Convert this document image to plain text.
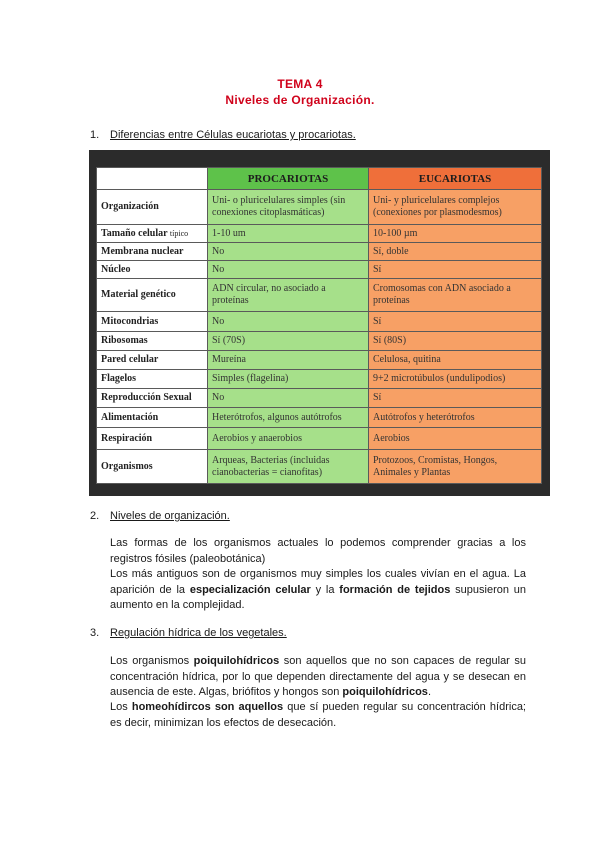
TEMA 4
Niveles de Organización.
1. Diferencias entre Células eucariotas y procariotas.
	PROCARIOTAS	EUCARIOTAS
Organización	Uni- o pluricelulares simples (sin conexiones citoplasmáticas)	Uni- y pluricelulares complejos (conexiones por plasmodesmos)
Tamaño celular típico	1-10 um	10-100 µm
Membrana nuclear	No	Sí, doble
Núcleo	No	Sí
Material genético	ADN circular, no asociado a proteínas	Cromosomas con ADN asociado a proteínas
Mitocondrias	No	Sí
Ribosomas	Sí (70S)	Sí (80S)
Pared celular	Mureína	Celulosa, quitina
Flagelos	Simples (flagelina)	9+2 microtúbulos (undulipodios)
Reproducción Sexual	No	Sí
Alimentación	Heterótrofos, algunos autótrofos	Autótrofos y heterótrofos
Respiración	Aerobios y anaerobios	Aerobios
Organismos	Arqueas, Bacterias (incluidas cianobacterias = cianofitas)	Protozoos, Cromistas, Hongos, Animales y Plantas
2. Niveles de organización.
Las formas de los organismos actuales lo podemos comprender gracias a los registros fósiles (paleobotánica)
Los más antiguos son de organismos muy simples los cuales vivían en el agua. La aparición de la especialización celular y la formación de tejidos supusieron un aumento en la complejidad.
3. Regulación hídrica de los vegetales.
Los organismos poiquilohídricos son aquellos que no son capaces de regular su concentración hídrica, por lo que dependen directamente del agua y se desecan en ausencia de este. Algas, briófitos y hongos son poiquilohídricos.
Los homeohídircos son aquellos que sí pueden regular su concentración hídrica; es decir, minimizan los efectos de desecación.
